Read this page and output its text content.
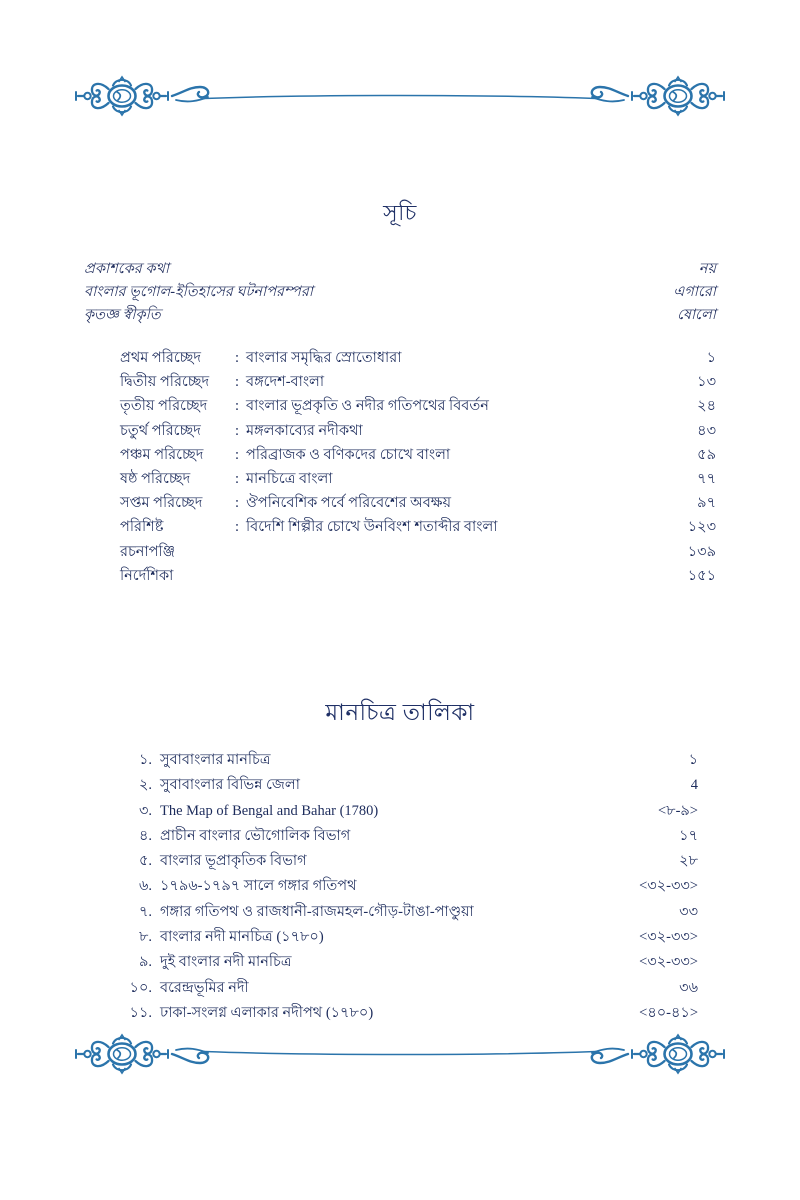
সূচি
প্রকাশকের কথা	নয়
বাংলার ভূগোল-ইতিহাসের ঘটনাপরম্পরা	এগারো
কৃতজ্ঞ স্বীকৃতি	ষোলো
প্রথম পরিচ্ছেদ	: বাংলার সমৃদ্ধির স্রোতোধারা	১
দ্বিতীয় পরিচ্ছেদ	: বঙ্গদেশ-বাংলা	১৩
তৃতীয় পরিচ্ছেদ	: বাংলার ভূপ্রকৃতি ও নদীর গতিপথের বিবর্তন	২৪
চতুর্থ পরিচ্ছেদ	: মঙ্গলকাব্যের নদীকথা	৪৩
পঞ্চম পরিচ্ছেদ	: পরিব্রাজক ও বণিকদের চোখে বাংলা	৫৯
ষষ্ঠ পরিচ্ছেদ	: মানচিত্রে বাংলা	৭৭
সপ্তম পরিচ্ছেদ	: ঔপনিবেশিক পর্বে পরিবেশের অবক্ষয়	৯৭
পরিশিষ্ট	: বিদেশি শিল্পীর চোখে উনবিংশ শতাব্দীর বাংলা	১২৩
রচনাপঞ্জি	১৩৯
নির্দেশিকা	১৫১
মানচিত্র তালিকা
১. সুবাবাংলার মানচিত্র	১
২. সুবাবাংলার বিভিন্ন জেলা	4
৩. The Map of Bengal and Bahar (1780)	<৮-৯>
৪. প্রাচীন বাংলার ভৌগোলিক বিভাগ	১৭
৫. বাংলার ভূপ্রাকৃতিক বিভাগ	২৮
৬. ১৭৯৬-১৭৯৭ সালে গঙ্গার গতিপথ	<৩২-৩৩>
৭. গঙ্গার গতিপথ ও রাজধানী-রাজমহল-গৌড়-টাঙা-পাণ্ডুয়া	৩৩
৮. বাংলার নদী মানচিত্র (১৭৮০)	<৩২-৩৩>
৯. দুই বাংলার নদী মানচিত্র	<৩২-৩৩>
১০. বরেন্দ্রভূমির নদী	৩৬
১১. ঢাকা-সংলগ্ন এলাকার নদীপথ (১৭৮০)	<৪০-৪১>
